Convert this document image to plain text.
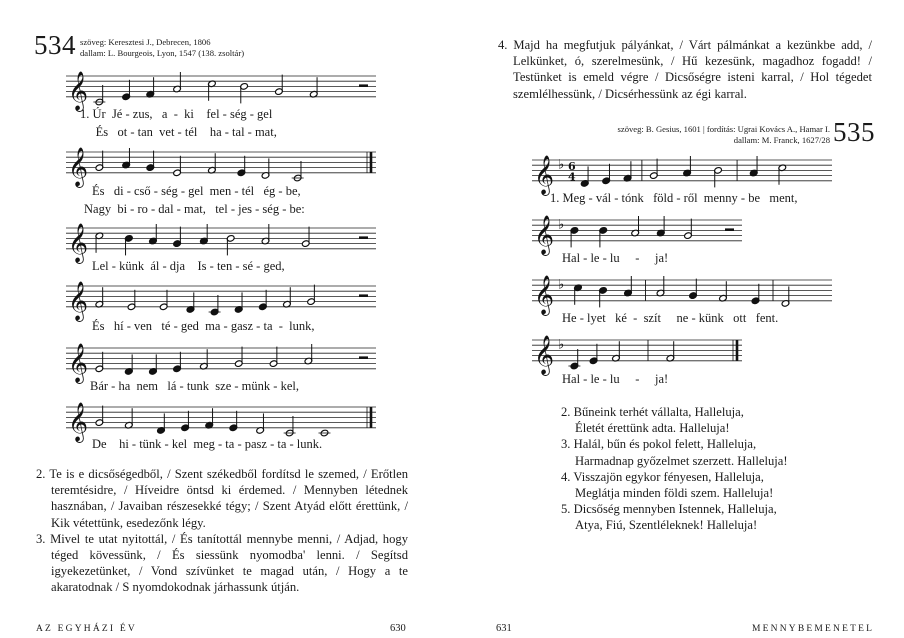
534 szöveg: Keresztesi J., Debrecen, 1806
dallam: L. Bourgeois, Lyon, 1547 (138. zsoltár)
𝄞
𝄞
𝄞
𝄞
𝄞
𝄞
1. Úr  Jé - zus,   a  -  ki    fel - ség - gel
És   ot - tan  vet - tél    ha - tal - mat,
És   di - cső - ség - gel  men - tél   ég - be,
Nagy  bi - ro - dal - mat,   tel - jes - ség - be:
Lel - künk  ál - dja    Is - ten - sé - ged,
És   hí - ven   té - ged  ma - gasz - ta  -  lunk,
Bár - ha  nem   lá - tunk  sze - münk - kel,
De    hi - tünk - kel  meg - ta - pasz - ta - lunk.

2. Te is e dicsőségedből, / Szent székedből fordítsd le szemed, / Erőtlen teremtésidre, / Híveidre öntsd ki érdemed. / Mennyben létednek hasznában, / Javaiban részesekké tégy; / Szent Atyád előtt érettünk, / Kik vétettünk, esedezőnk légy.

3. Mivel te utat nyitottál, / És tanítottál mennybe menni, / Adjad, hogy téged kövessünk, / És siessünk nyomodba' lenni. / Segítsd igyekezetünket, / Vond szívünket te magad után, / Hogy a te akaratodnak / S nyomdokodnak járhassunk útján.

AZ EGYHÁZI ÉV	630

4. Majd ha megfutjuk pályánkat, / Várt pálmánkat a kezünkbe add, / Lelkünket, ó, szerelmesünk, / Hű kezesünk, magadhoz fogadd! / Testünket is emeld végre / Dicsőségre isteni karral, / Hol tégedet szemlélhessünk, / Dicsérhessünk az égi karral.

szöveg: B. Gesius, 1601 | fordítás: Ugrai Kovács A., Hamar I.
dallam: M. Franck, 1627/28 535
𝄞 ♭ 6
4
𝄞 ♭
𝄞 ♭
𝄞 ♭
1. Meg - vál - tónk   föld - ről  menny - be   ment,
Hal - le - lu     -     ja!
He - lyet   ké  -  szít     ne - künk   ott   fent.
Hal - le - lu     -     ja!
2. Bűneink terhét vállalta, Halleluja,
Életét érettünk adta. Halleluja!
3. Halál, bűn és pokol felett, Halleluja,
Harmadnap győzelmet szerzett. Halleluja!
4. Visszajön egykor fényesen, Halleluja,
Meglátja minden földi szem. Halleluja!
5. Dicsőség mennyben Istennek, Halleluja,
Atya, Fiú, Szentléleknek! Halleluja!
631	MENNYBEMENETEL
